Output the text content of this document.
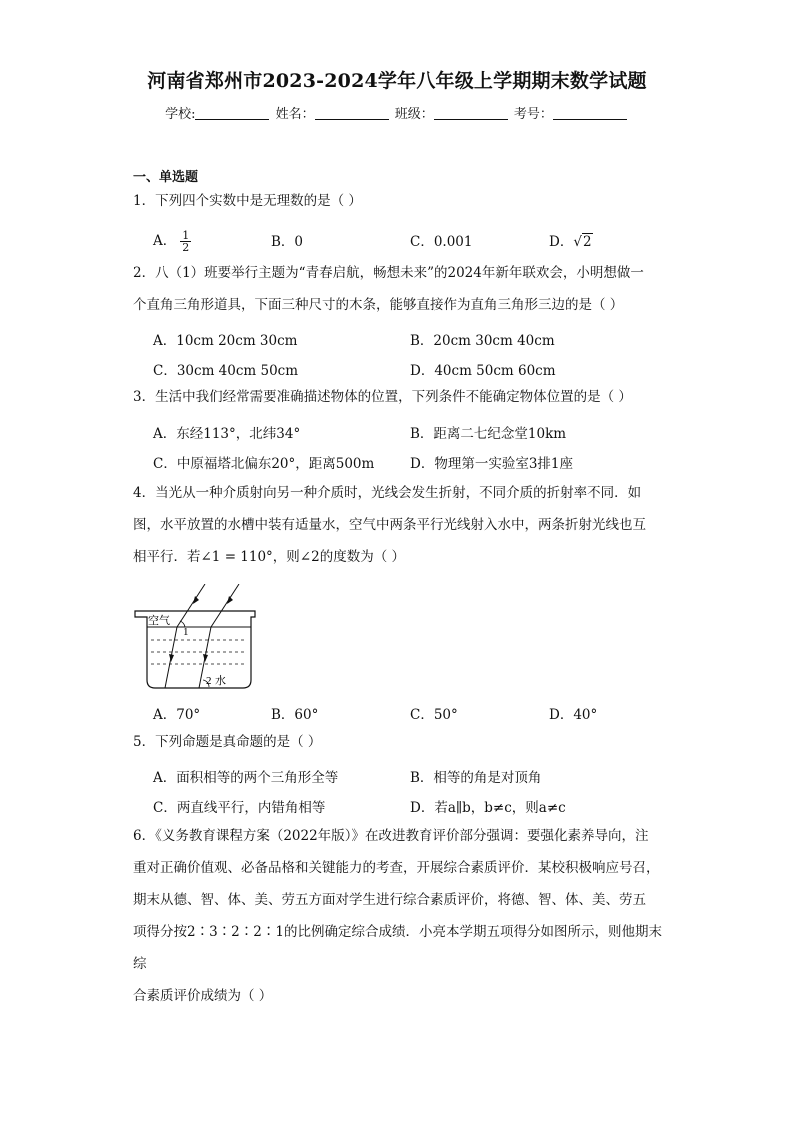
河南省郑州市2023-2024学年八年级上学期期末数学试题
学校:	姓名：	班级：	考号：
一、单选题
1．下列四个实数中是无理数的是（ ）
A． $\frac{1}{2}$	B．0	C．0.001	D．√2
2．八（1）班要举行主题为“青春启航，畅想未来”的2024年新年联欢会，小明想做一
个直角三角形道具，下面三种尺寸的木条，能够直接作为直角三角形三边的是（ ）
A．10cm 20cm 30cm	B．20cm 30cm 40cm
C．30cm 40cm 50cm	D．40cm 50cm 60cm
3．生活中我们经常需要准确描述物体的位置，下列条件不能确定物体位置的是（ ）
A．东经113°，北纬34°	B．距离二七纪念堂10km
C．中原福塔北偏东20°，距离500m	D．物理第一实验室3排1座
4．当光从一种介质射向另一种介质时，光线会发生折射，不同介质的折射率不同．如
图，水平放置的水槽中装有适量水，空气中两条平行光线射入水中，两条折射光线也互
相平行．若∠1 = 110°，则∠2的度数为（ ）
空气
1
2 水
A．70°	B．60°	C．50°	D．40°
5．下列命题是真命题的是（ ）
A．面积相等的两个三角形全等	B．相等的角是对顶角
C．两直线平行，内错角相等	D．若a∥b，b≠c，则a≠c
6．《义务教育课程方案（2022年版）》在改进教育评价部分强调：要强化素养导向，注
重对正确价值观、必备品格和关键能力的考查，开展综合素质评价．某校积极响应号召，
期末从德、智、体、美、劳五方面对学生进行综合素质评价，将德、智、体、美、劳五
项得分按2∶3∶2∶2∶1的比例确定综合成绩．小亮本学期五项得分如图所示，则他期末综
合素质评价成绩为（ ）
